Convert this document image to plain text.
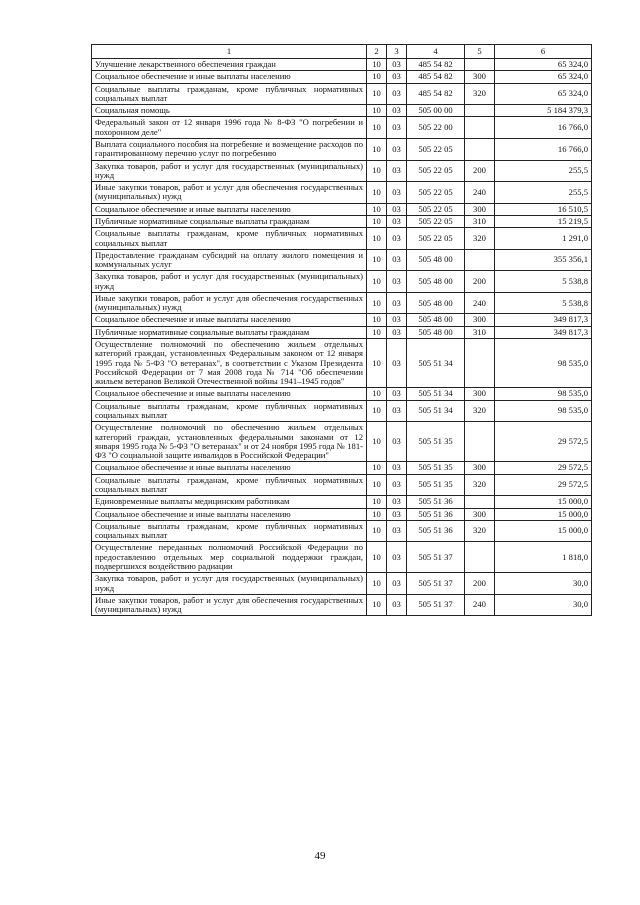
1	2	3	4	5	6
Улучшение лекарственного обеспечения граждан	10	03	485 54 82		65 324,0
Социальное обеспечение и иные выплаты населению	10	03	485 54 82	300	65 324,0
Социальные выплаты гражданам, кроме публичных нормативных социальных выплат	10	03	485 54 82	320	65 324,0
Социальная помощь	10	03	505 00 00		5 184 379,3
Федеральный закон от 12 января 1996 года № 8-ФЗ "О погребении и похоронном деле"	10	03	505 22 00		16 766,0
Выплата социального пособия на погребение и возмещение расходов по гарантированному перечню услуг по погребению	10	03	505 22 05		16 766,0
Закупка товаров, работ и услуг для государственных (муниципальных) нужд	10	03	505 22 05	200	255,5
Иные закупки товаров, работ и услуг для обеспечения государственных (муниципальных) нужд	10	03	505 22 05	240	255,5
Социальное обеспечение и иные выплаты населению	10	03	505 22 05	300	16 510,5
Публичные нормативные социальные выплаты гражданам	10	03	505 22 05	310	15 219,5
Социальные выплаты гражданам, кроме публичных нормативных социальных выплат	10	03	505 22 05	320	1 291,0
Предоставление гражданам субсидий на оплату жилого помещения и коммунальных услуг	10	03	505 48 00		355 356,1
Закупка товаров, работ и услуг для государственных (муниципальных) нужд	10	03	505 48 00	200	5 538,8
Иные закупки товаров, работ и услуг для обеспечения государственных (муниципальных) нужд	10	03	505 48 00	240	5 538,8
Социальное обеспечение и иные выплаты населению	10	03	505 48 00	300	349 817,3
Публичные нормативные социальные выплаты гражданам	10	03	505 48 00	310	349 817,3
Осуществление полномочий по обеспечению жильем отдельных категорий граждан, установленных Федеральным законом от 12 января 1995 года № 5-ФЗ "О ветеранах", в соответствии с Указом Президента Российской Федерации от 7 мая 2008 года № 714 "Об обеспечении жильем ветеранов Великой Отечественной войны 1941–1945 годов"	10	03	505 51 34		98 535,0
Социальное обеспечение и иные выплаты населению	10	03	505 51 34	300	98 535,0
Социальные выплаты гражданам, кроме публичных нормативных социальных выплат	10	03	505 51 34	320	98 535,0
Осуществление полномочий по обеспечению жильем отдельных категорий граждан, установленных федеральными законами от 12 января 1995 года № 5-ФЗ "О ветеранах" и от 24 ноября 1995 года № 181-ФЗ "О социальной защите инвалидов в Российской Федерации"	10	03	505 51 35		29 572,5
Социальное обеспечение и иные выплаты населению	10	03	505 51 35	300	29 572,5
Социальные выплаты гражданам, кроме публичных нормативных социальных выплат	10	03	505 51 35	320	29 572,5
Единовременные выплаты медицинским работникам	10	03	505 51 36		15 000,0
Социальное обеспечение и иные выплаты населению	10	03	505 51 36	300	15 000,0
Социальные выплаты гражданам, кроме публичных нормативных социальных выплат	10	03	505 51 36	320	15 000,0
Осуществление переданных полномочий Российской Федерации по предоставлению отдельных мер социальной поддержки граждан, подвергшихся воздействию радиации	10	03	505 51 37		1 818,0
Закупка товаров, работ и услуг для государственных (муниципальных) нужд	10	03	505 51 37	200	30,0
Иные закупки товаров, работ и услуг для обеспечения государственных (муниципальных) нужд	10	03	505 51 37	240	30,0
49
